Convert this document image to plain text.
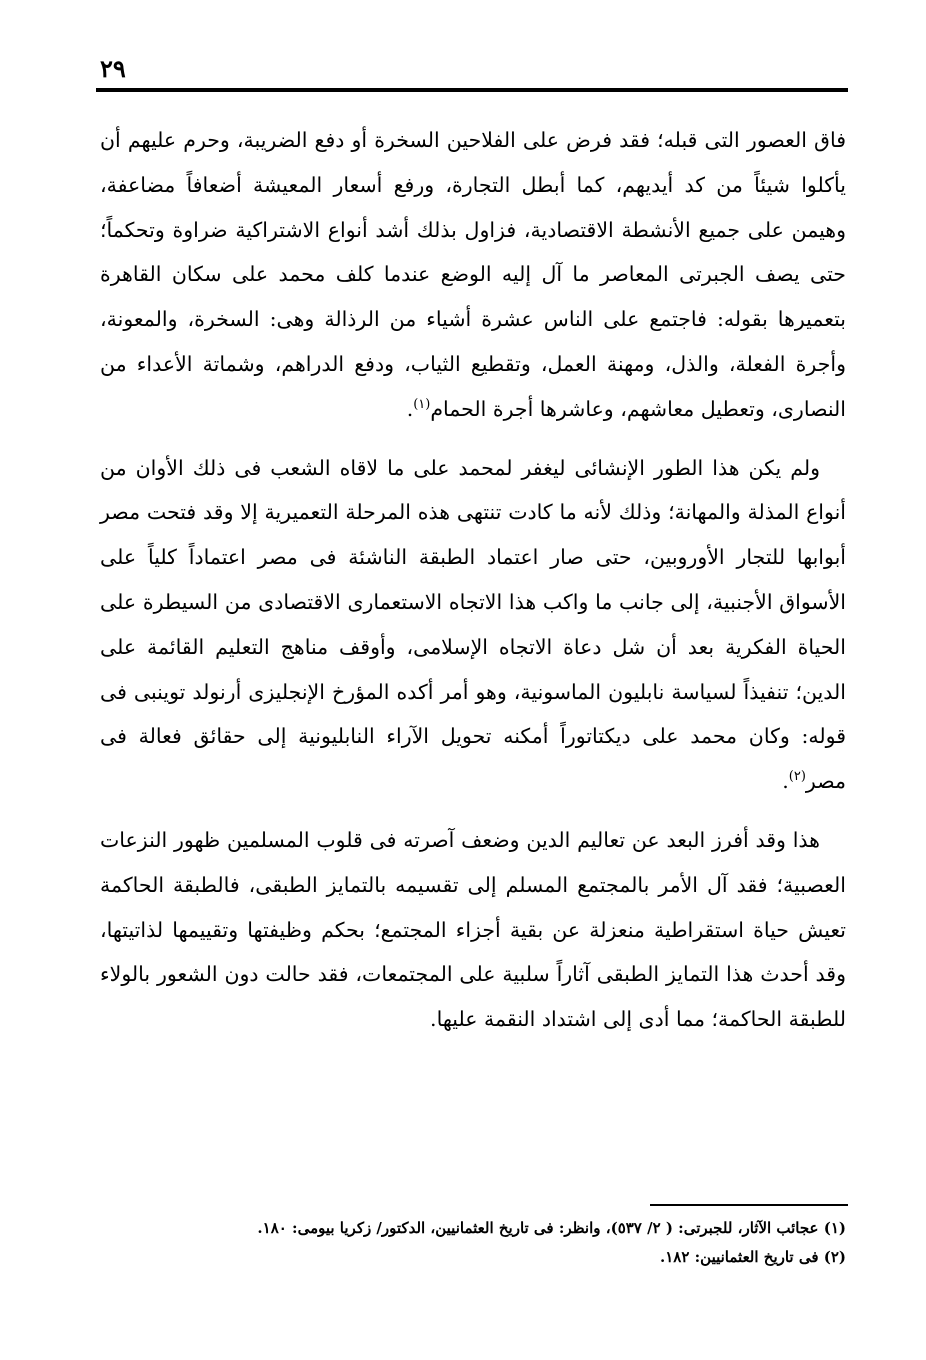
٢٩

فاق العصور التى قبله؛ فقد فرض على الفلاحين السخرة أو دفع الضريبة، وحرم عليهم أن يأكلوا شيئاً من كد أيديهم، كما أبطل التجارة، ورفع أسعار المعيشة أضعافاً مضاعفة، وهيمن على جميع الأنشطة الاقتصادية، فزاول بذلك أشد أنواع الاشتراكية ضراوة وتحكماً؛ حتى يصف الجبرتى المعاصر ما آل إليه الوضع عندما كلف محمد على سكان القاهرة بتعميرها بقوله: فاجتمع على الناس عشرة أشياء من الرذالة وهى: السخرة، والمعونة، وأجرة الفعلة، والذل، ومهنة العمل، وتقطيع الثياب، ودفع الدراهم، وشماتة الأعداء من النصارى، وتعطيل معاشهم، وعاشرها أجرة الحمام$^{(١)}$.

ولم يكن هذا الطور الإنشائى ليغفر لمحمد على ما لاقاه الشعب فى ذلك الأوان من أنواع المذلة والمهانة؛ وذلك لأنه ما كادت تنتهى هذه المرحلة التعميرية إلا وقد فتحت مصر أبوابها للتجار الأوروبين، حتى صار اعتماد الطبقة الناشئة فى مصر اعتماداً كلياً على الأسواق الأجنبية، إلى جانب ما واكب هذا الاتجاه الاستعمارى الاقتصادى من السيطرة على الحياة الفكرية بعد أن شل دعاة الاتجاه الإسلامى، وأوقف مناهج التعليم القائمة على الدين؛ تنفيذاً لسياسة نابليون الماسونية، وهو أمر أكده المؤرخ الإنجليزى أرنولد توينبى فى قوله: وكان محمد على ديكتاتوراً أمكنه تحويل الآراء النابليونية إلى حقائق فعالة فى مصر$^{(٢)}$.

هذا وقد أفرز البعد عن تعاليم الدين وضعف آصرته فى قلوب المسلمين ظهور النزعات العصبية؛ فقد آل الأمر بالمجتمع المسلم إلى تقسيمه بالتمايز الطبقى، فالطبقة الحاكمة تعيش حياة استقراطية منعزلة عن بقية أجزاء المجتمع؛ بحكم وظيفتها وتقييمها لذاتيتها، وقد أحدث هذا التمايز الطبقى آثاراً سلبية على المجتمعات، فقد حالت دون الشعور بالولاء للطبقة الحاكمة؛ مما أدى إلى اشتداد النقمة عليها.

(١) عجائب الآثار، للجبرتى: ( ٢/ ٥٣٧)، وانظر: فى تاريخ العثمانيين، الدكتور/ زكريا بيومى: ١٨٠.

(٢) فى تاريخ العثمانيين: ١٨٢.
